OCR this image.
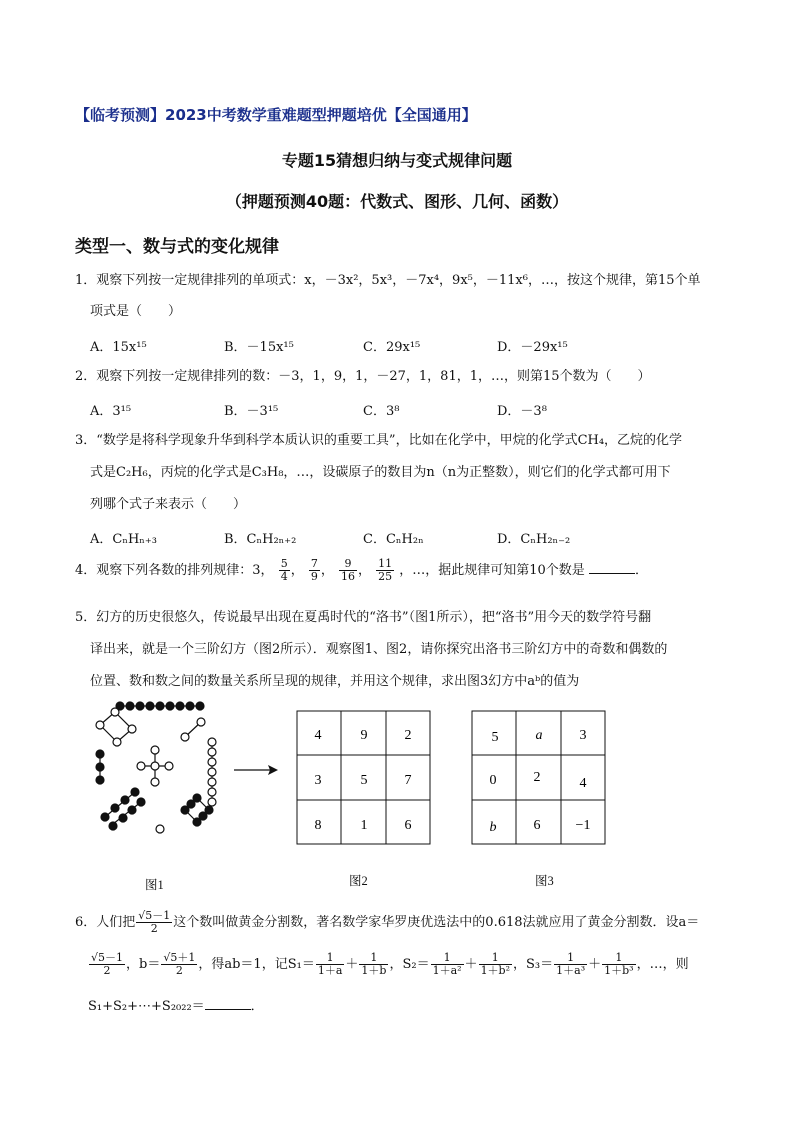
【临考预测】2023中考数学重难题型押题培优【全国通用】
专题15猜想归纳与变式规律问题
（押题预测40题：代数式、图形、几何、函数）
类型一、数与式的变化规律
1．观察下列按一定规律排列的单项式：x，－3x²，5x³，－7x⁴，9x⁵，－11x⁶，…，按这个规律，第15个单
项式是（　　）
A．15x¹⁵	B．－15x¹⁵	C．29x¹⁵	D．－29x¹⁵
2．观察下列按一定规律排列的数：－3，1，9，1，－27，1，81，1，…，则第15个数为（　　）
A．3¹⁵	B．－3¹⁵	C．3⁸	D．－3⁸
3．“数学是将科学现象升华到科学本质认识的重要工具”，比如在化学中，甲烷的化学式CH₄，乙烷的化学
式是C₂H₆，丙烷的化学式是C₃H₈，…，设碳原子的数目为n（n为正整数），则它们的化学式都可用下
列哪个式子来表示（　　）
A．CₙHₙ₊₃	B．CₙH₂ₙ₊₂	C．CₙH₂ₙ	D．CₙH₂ₙ₋₂
4．观察下列各数的排列规律：3， $\frac{5}{4}$ ， $\frac{7}{9}$ ， $\frac{9}{16}$ ， $\frac{11}{25}$ ，…，据此规律可知第10个数是	．
5．幻方的历史很悠久，传说最早出现在夏禹时代的“洛书”（图1所示），把“洛书”用今天的数学符号翻
译出来，就是一个三阶幻方（图2所示）．观察图1、图2，请你探究出洛书三阶幻方中的奇数和偶数的
位置、数和数之间的数量关系所呈现的规律，并用这个规律，求出图3幻方中aᵇ的值为
4	9	2
3	5	7
8	1	6
5	a	3
0	2	4
b	6	−1
图1	图2	图3
6．人们把 $\frac{√5-1}{2}$ 这个数叫做黄金分割数，著名数学家华罗庚优选法中的0.618法就应用了黄金分割数．设a＝
$\frac{√5-1}{2}$ ，$b= \frac{√5+1}{2}$ ，得ab＝1，记$S_1= \frac{1}{1+a} + \frac{1}{1+b}$ ，$S_2= \frac{1}{\text{1＋a²}} + \frac{1}{\text{1＋b²}}$ ，$S_3= \frac{1}{\text{1＋a³}} + \frac{1}{\text{1＋b³}}$ ，…，则
S₁+S₂+⋯+S₂₀₂₂＝	．
